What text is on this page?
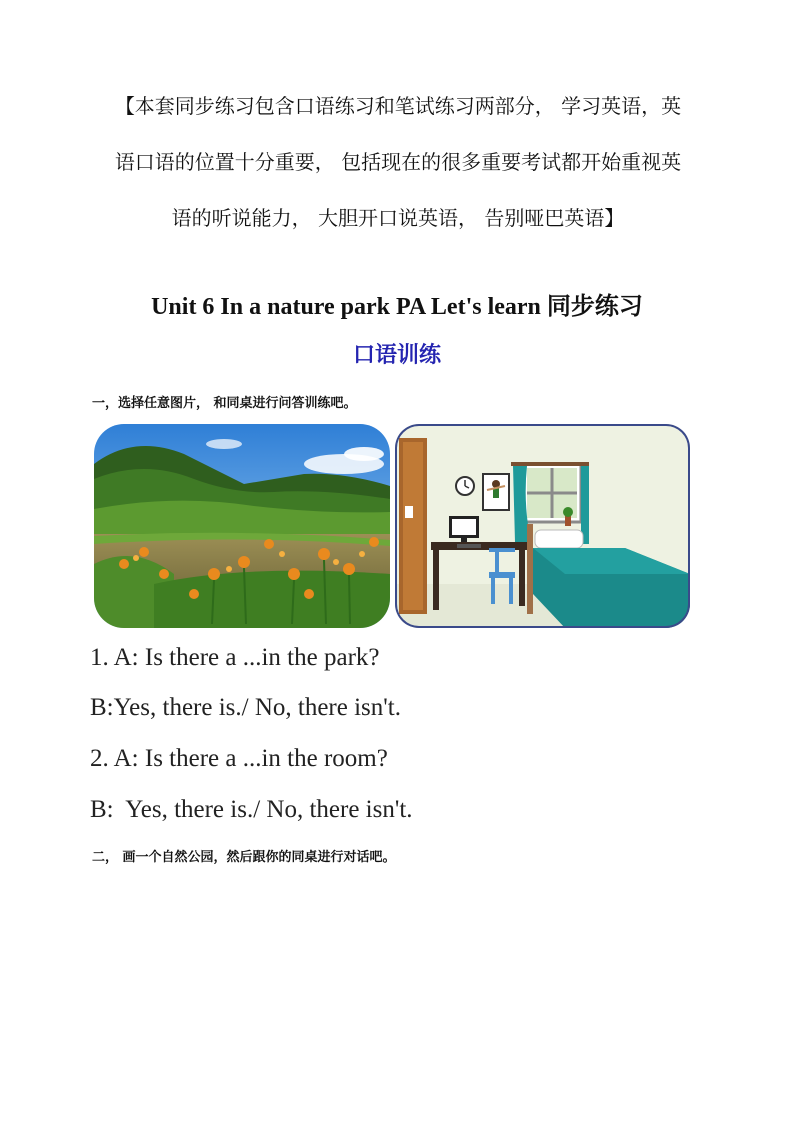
【本套同步练习包含口语练习和笔试练习两部分， 学习英语，英
语口语的位置十分重要， 包括现在的很多重要考试都开始重视英
语的听说能力， 大胆开口说英语， 告别哑巴英语】
Unit 6 In a nature park PA Let's learn 同步练习
口语训练
一，选择任意图片， 和同桌进行问答训练吧。
1. A: Is there a ...in the park?
B:Yes, there is./ No, there isn't.
2. A: Is there a ...in the room?
B:  Yes, there is./ No, there isn't.
二， 画一个自然公园，然后跟你的同桌进行对话吧。
